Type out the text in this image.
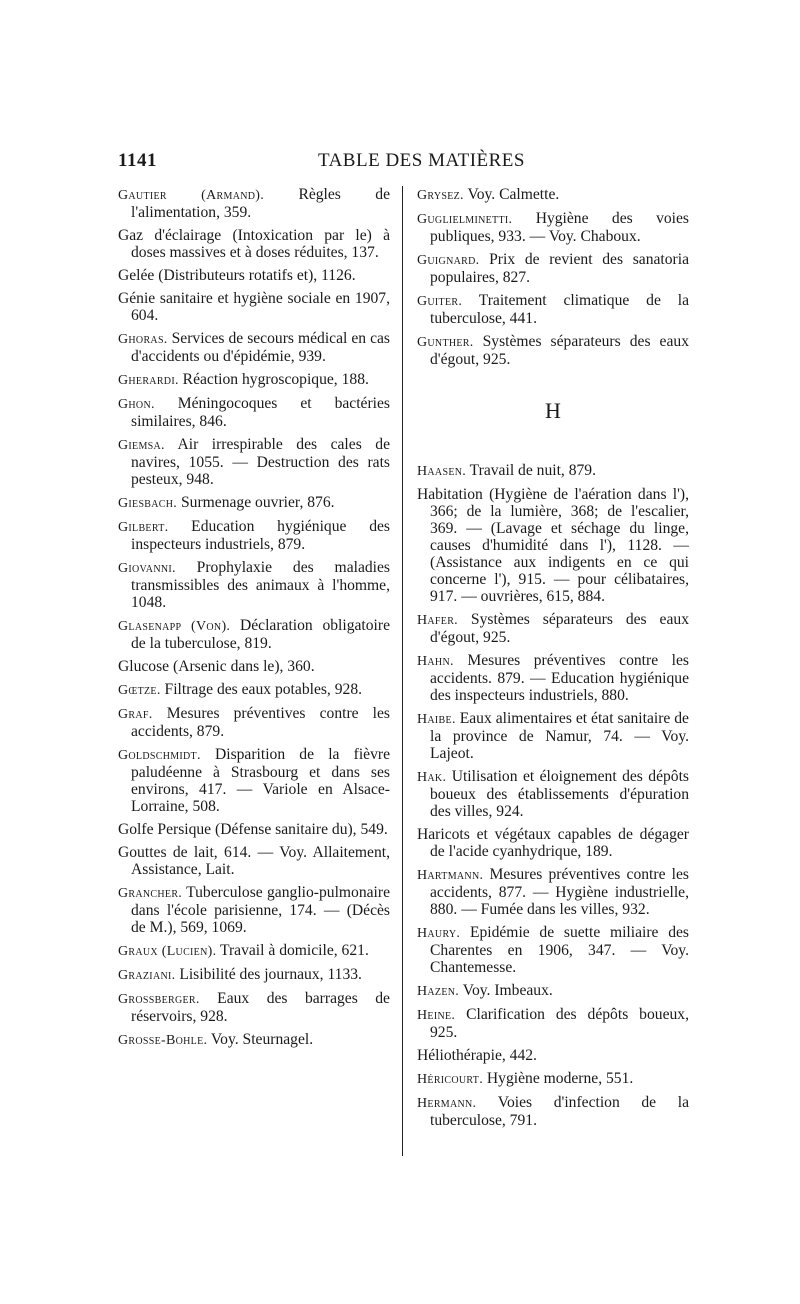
1141	TABLE DES MATIÈRES
Gautier (Armand). Règles de l'alimentation, 359.
Gaz d'éclairage (Intoxication par le) à doses massives et à doses réduites, 137.
Gelée (Distributeurs rotatifs et), 1126.
Génie sanitaire et hygiène sociale en 1907, 604.
Ghoras. Services de secours médical en cas d'accidents ou d'épidémie, 939.
Gherardi. Réaction hygroscopique, 188.
Ghon. Méningocoques et bactéries similaires, 846.
Giemsa. Air irrespirable des cales de navires, 1055. — Destruction des rats pesteux, 948.
Giesbach. Surmenage ouvrier, 876.
Gilbert. Education hygiénique des inspecteurs industriels, 879.
Giovanni. Prophylaxie des maladies transmissibles des animaux à l'homme, 1048.
Glasenapp (Von). Déclaration obligatoire de la tuberculose, 819.
Glucose (Arsenic dans le), 360.
Gœtze. Filtrage des eaux potables, 928.
Graf. Mesures préventives contre les accidents, 879.
Goldschmidt. Disparition de la fièvre paludéenne à Strasbourg et dans ses environs, 417. — Variole en Alsace-Lorraine, 508.
Golfe Persique (Défense sanitaire du), 549.
Gouttes de lait, 614. — Voy. Allaitement, Assistance, Lait.
Grancher. Tuberculose ganglio-pulmonaire dans l'école parisienne, 174. — (Décès de M.), 569, 1069.
Graux (Lucien). Travail à domicile, 621.
Graziani. Lisibilité des journaux, 1133.
Grossberger. Eaux des barrages de réservoirs, 928.
Grosse-Bohle. Voy. Steurnagel.
Grysez. Voy. Calmette.
Guglielminetti. Hygiène des voies publiques, 933. — Voy. Chaboux.
Guignard. Prix de revient des sanatoria populaires, 827.
Guiter. Traitement climatique de la tuberculose, 441.
Gunther. Systèmes séparateurs des eaux d'égout, 925.
H
Haasen. Travail de nuit, 879.
Habitation (Hygiène de l'aération dans l'), 366; de la lumière, 368; de l'escalier, 369. — (Lavage et séchage du linge, causes d'humidité dans l'), 1128. — (Assistance aux indigents en ce qui concerne l'), 915. — pour célibataires, 917. — ouvrières, 615, 884.
Hafer. Systèmes séparateurs des eaux d'égout, 925.
Hahn. Mesures préventives contre les accidents. 879. — Education hygiénique des inspecteurs industriels, 880.
Haibe. Eaux alimentaires et état sanitaire de la province de Namur, 74. — Voy. Lajeot.
Hak. Utilisation et éloignement des dépôts boueux des établissements d'épuration des villes, 924.
Haricots et végétaux capables de dégager de l'acide cyanhydrique, 189.
Hartmann. Mesures préventives contre les accidents, 877. — Hygiène industrielle, 880. — Fumée dans les villes, 932.
Haury. Epidémie de suette miliaire des Charentes en 1906, 347. — Voy. Chantemesse.
Hazen. Voy. Imbeaux.
Heine. Clarification des dépôts boueux, 925.
Héliothérapie, 442.
Héricourt. Hygiène moderne, 551.
Hermann. Voies d'infection de la tuberculose, 791.
